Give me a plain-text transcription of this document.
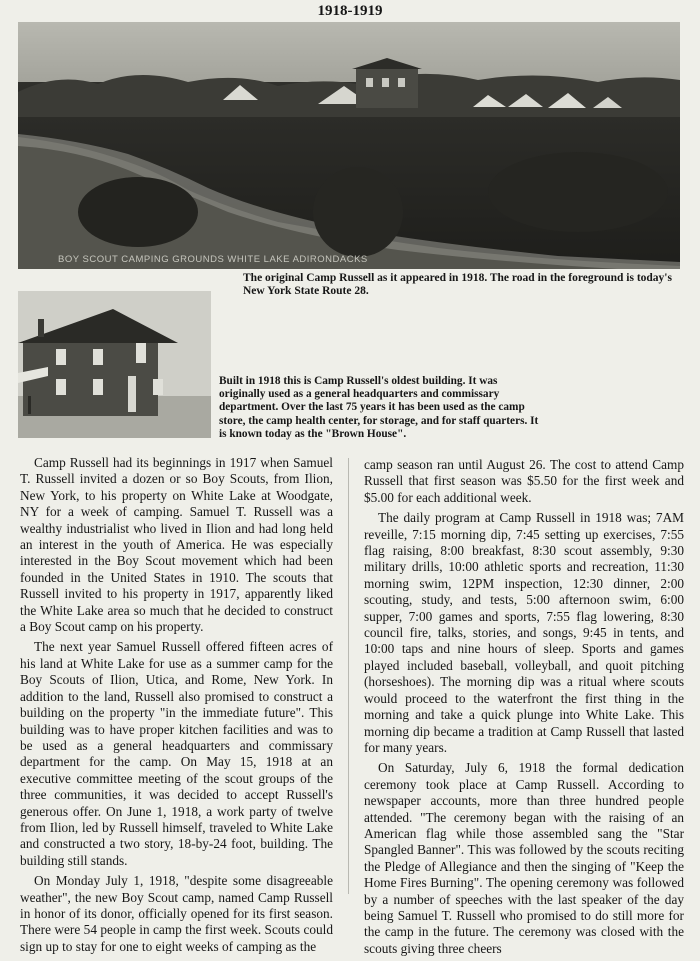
1918-1919
BOY SCOUT CAMPING GROUNDS WHITE LAKE ADIRONDACKS
The original Camp Russell as it appeared in 1918. The road in the foreground is today's New York State Route 28.
Built in 1918 this is Camp Russell's oldest building. It was originally used as a general headquarters and commissary department. Over the last 75 years it has been used as the camp store, the camp health center, for storage, and for staff quarters. It is known today as the "Brown House".

Camp Russell had its beginnings in 1917 when Samuel T. Russell invited a dozen or so Boy Scouts, from Ilion, New York, to his property on White Lake at Woodgate, NY for a week of camping. Samuel T. Russell was a wealthy industrialist who lived in Ilion and had long held an interest in the youth of America. He was especially interested in the Boy Scout movement which had been founded in the United States in 1910. The scouts that Russell invited to his property in 1917, apparently liked the White Lake area so much that he decided to construct a Boy Scout camp on his property.

The next year Samuel Russell offered fifteen acres of his land at White Lake for use as a summer camp for the Boy Scouts of Ilion, Utica, and Rome, New York. In addition to the land, Russell also promised to construct a building on the property "in the immediate future". This building was to have proper kitchen facilities and was to be used as a general headquarters and commissary department for the camp. On May 15, 1918 at an executive committee meeting of the scout groups of the three communities, it was decided to accept Russell's generous offer. On June 1, 1918, a work party of twelve from Ilion, led by Russell himself, traveled to White Lake and constructed a two story, 18-by-24 foot, building. The building still stands.

On Monday July 1, 1918, "despite some disagreeable weather", the new Boy Scout camp, named Camp Russell in honor of its donor, officially opened for its first season. There were 54 people in camp the first week. Scouts could sign up to stay for one to eight weeks of camping as the

camp season ran until August 26. The cost to attend Camp Russell that first season was $5.50 for the first week and $5.00 for each additional week.

The daily program at Camp Russell in 1918 was; 7AM reveille, 7:15 morning dip, 7:45 setting up exercises, 7:55 flag raising, 8:00 breakfast, 8:30 scout assembly, 9:30 military drills, 10:00 athletic sports and recreation, 11:30 morning swim, 12PM inspection, 12:30 dinner, 2:00 scouting, study, and tests, 5:00 afternoon swim, 6:00 supper, 7:00 games and sports, 7:55 flag lowering, 8:30 council fire, talks, stories, and songs, 9:45 in tents, and 10:00 taps and nine hours of sleep. Sports and games played included baseball, volleyball, and quoit pitching (horseshoes). The morning dip was a ritual where scouts would proceed to the waterfront the first thing in the morning and take a quick plunge into White Lake. This morning dip became a tradition at Camp Russell that lasted for many years.

On Saturday, July 6, 1918 the formal dedication ceremony took place at Camp Russell. According to newspaper accounts, more than three hundred people attended. "The ceremony began with the raising of an American flag while those assembled sang the "Star Spangled Banner". This was followed by the scouts reciting the Pledge of Allegiance and then the singing of "Keep the Home Fires Burning". The opening ceremony was followed by a number of speeches with the last speaker of the day being Samuel T. Russell who promised to do still more for the camp in the future. The ceremony was closed with the scouts giving three cheers
